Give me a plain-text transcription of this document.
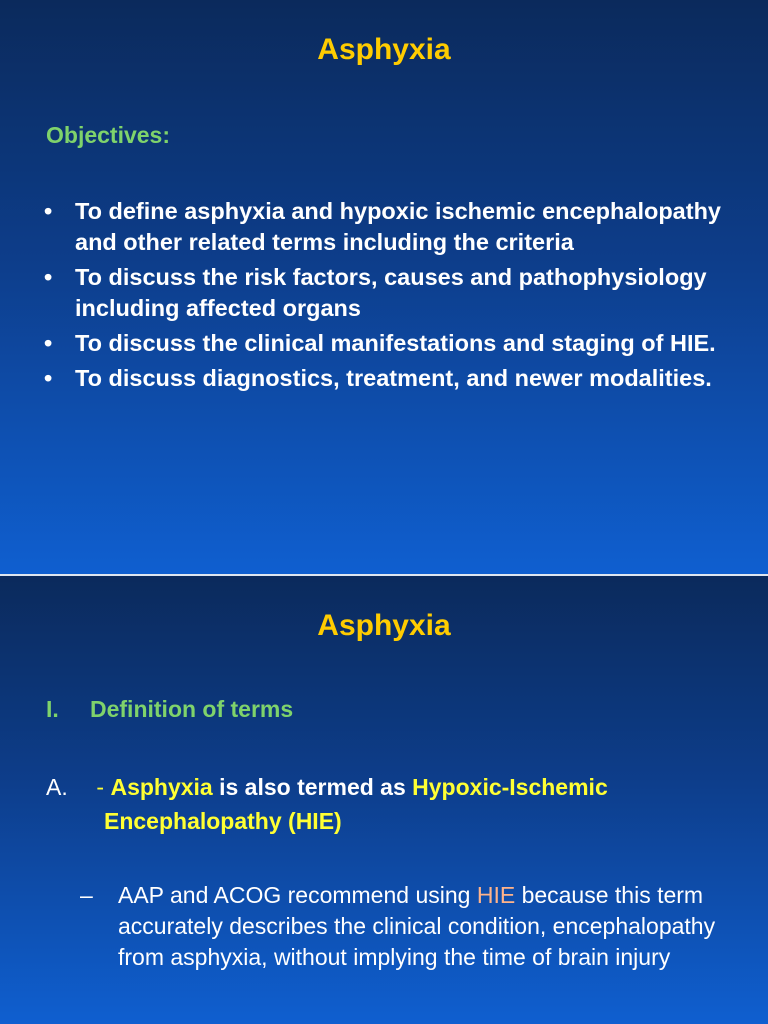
Asphyxia
Objectives:
• To define asphyxia and hypoxic ischemic encephalopathy and other related terms including the criteria
• To discuss the risk factors, causes and pathophysiology including affected organs
• To discuss the clinical manifestations and staging of HIE.
• To discuss diagnostics, treatment, and newer modalities.
Asphyxia
I. Definition of terms
A. - Asphyxia is also termed as Hypoxic-Ischemic
Encephalopathy (HIE)
–	AAP and ACOG recommend using HIE because this term accurately describes the clinical condition, encephalopathy from asphyxia, without implying the time of brain injury
